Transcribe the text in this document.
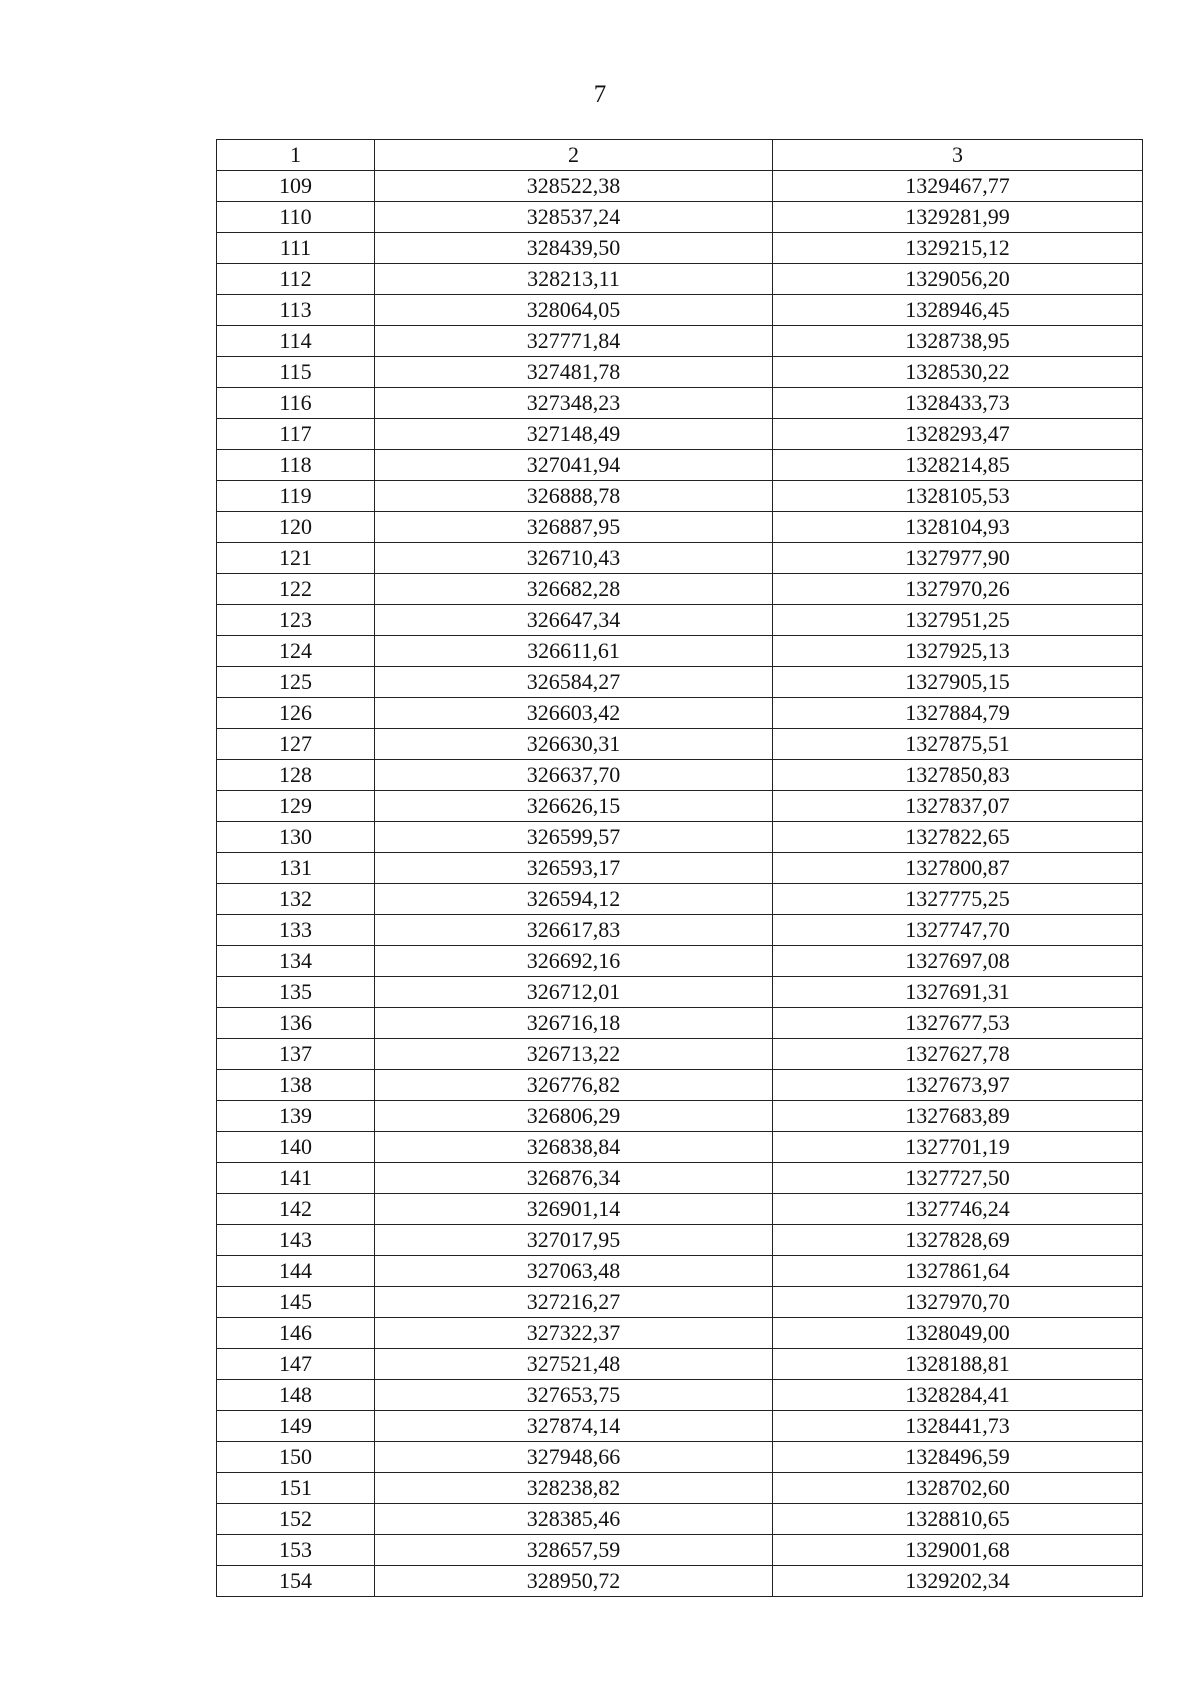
7
1	2	3
109	328522,38	1329467,77
110	328537,24	1329281,99
111	328439,50	1329215,12
112	328213,11	1329056,20
113	328064,05	1328946,45
114	327771,84	1328738,95
115	327481,78	1328530,22
116	327348,23	1328433,73
117	327148,49	1328293,47
118	327041,94	1328214,85
119	326888,78	1328105,53
120	326887,95	1328104,93
121	326710,43	1327977,90
122	326682,28	1327970,26
123	326647,34	1327951,25
124	326611,61	1327925,13
125	326584,27	1327905,15
126	326603,42	1327884,79
127	326630,31	1327875,51
128	326637,70	1327850,83
129	326626,15	1327837,07
130	326599,57	1327822,65
131	326593,17	1327800,87
132	326594,12	1327775,25
133	326617,83	1327747,70
134	326692,16	1327697,08
135	326712,01	1327691,31
136	326716,18	1327677,53
137	326713,22	1327627,78
138	326776,82	1327673,97
139	326806,29	1327683,89
140	326838,84	1327701,19
141	326876,34	1327727,50
142	326901,14	1327746,24
143	327017,95	1327828,69
144	327063,48	1327861,64
145	327216,27	1327970,70
146	327322,37	1328049,00
147	327521,48	1328188,81
148	327653,75	1328284,41
149	327874,14	1328441,73
150	327948,66	1328496,59
151	328238,82	1328702,60
152	328385,46	1328810,65
153	328657,59	1329001,68
154	328950,72	1329202,34
